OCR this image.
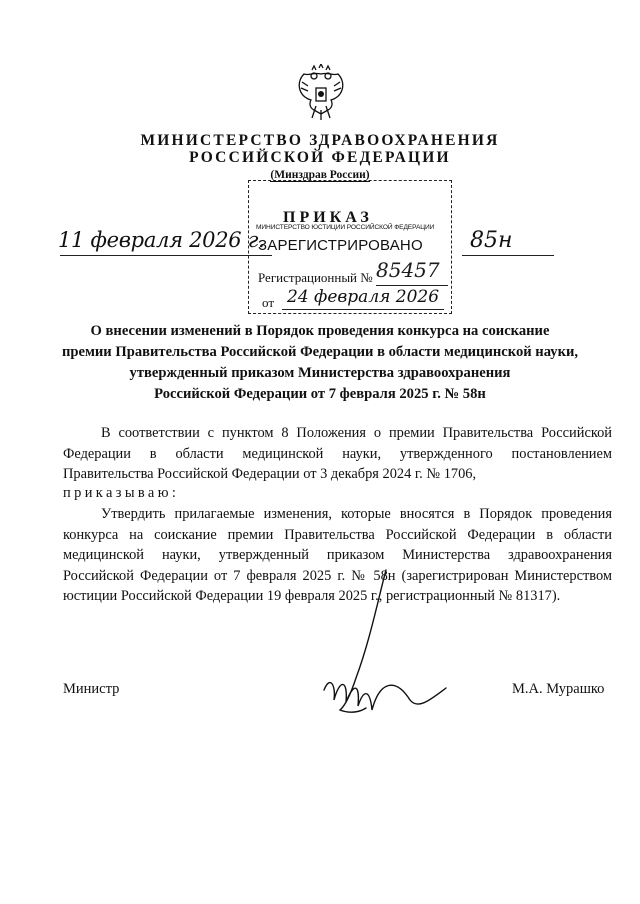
МИНИСТЕРСТВО ЗДРАВООХРАНЕНИЯ
РОССИЙСКОЙ ФЕДЕРАЦИИ
(Минздрав России)
ПРИКАЗ
МИНИСТЕРСТВО ЮСТИЦИИ РОССИЙСКОЙ ФЕДЕРАЦИИ
ЗАРЕГИСТРИРОВАНО
Регистрационный № 85457
от 24 февраля 2026
11 февраля 2026 г.	85н
О внесении изменений в Порядок проведения конкурса на соискание
премии Правительства Российской Федерации в области медицинской науки,
утвержденный приказом Министерства здравоохранения
Российской Федерации от 7 февраля 2025 г. № 58н
В соответствии с пунктом 8 Положения о премии Правительства Российской Федерации в области медицинской науки, утвержденного постановлением Правительства Российской Федерации от 3 декабря 2024 г. № 1706,
приказываю:
Утвердить прилагаемые изменения, которые вносятся в Порядок проведения конкурса на соискание премии Правительства Российской Федерации в области медицинской науки, утвержденный приказом Министерства здравоохранения Российской Федерации от 7 февраля 2025 г. № 58н (зарегистрирован Министерством юстиции Российской Федерации 19 февраля 2025 г., регистрационный № 81317).
Министр	М.А. Мурашко
